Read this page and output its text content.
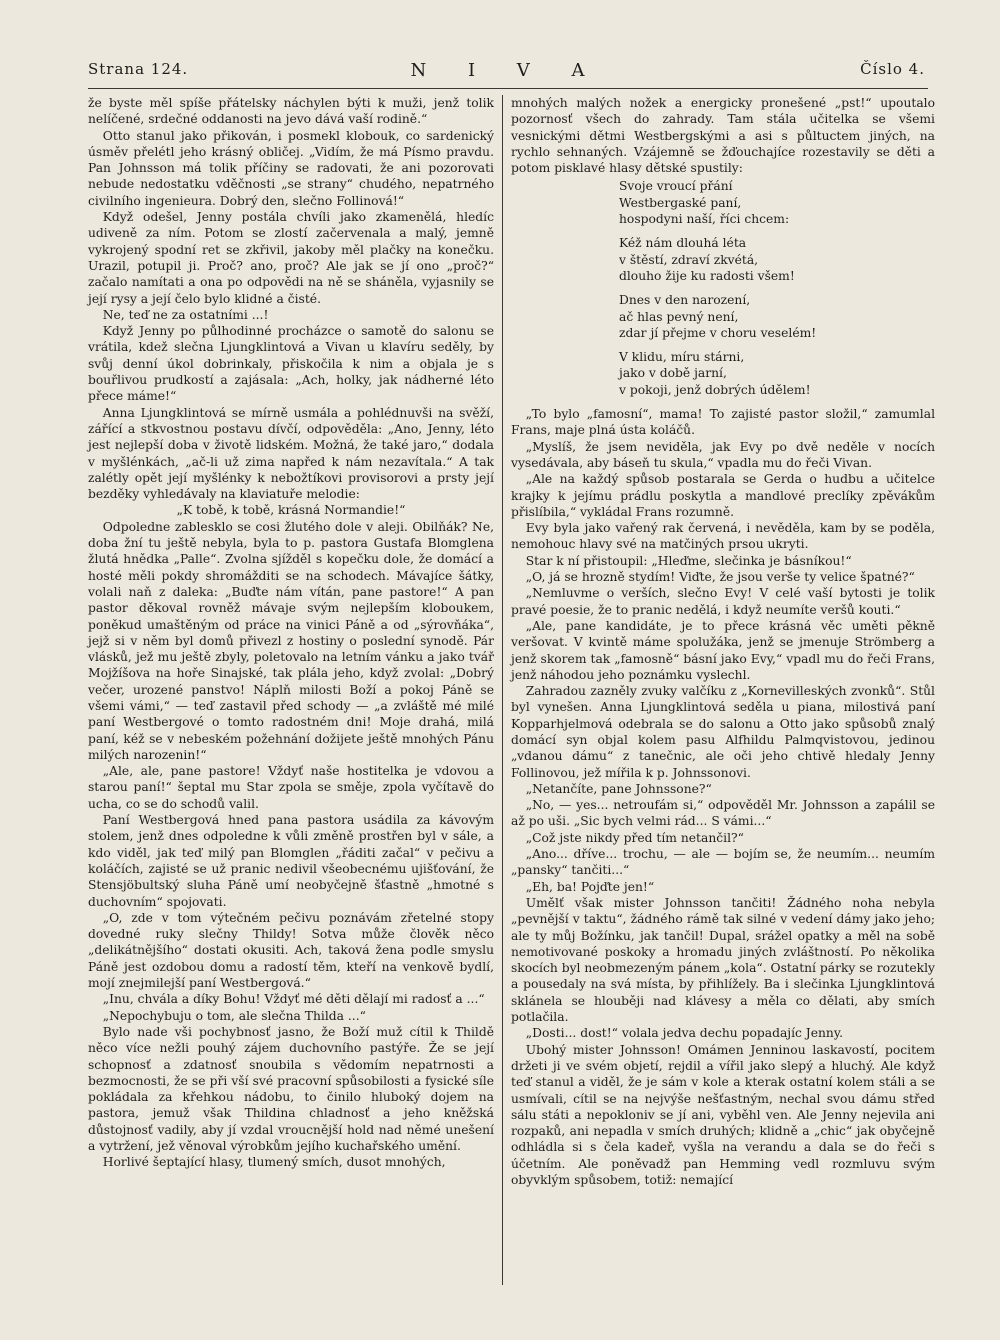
Strana 124.	N I V A	Číslo 4.

že byste měl spíše přátelsky náchylen býti k muži, jenž tolik nelíčené, srdečné oddanosti na jevo dává vaší rodině.“

Otto stanul jako přikován, i posmekl klobouk, co sardenický úsměv přelétl jeho krásný obličej. „Vidím, že má Písmo pravdu. Pan Johnsson má tolik příčiny se radovati, že ani pozorovati nebude nedostatku vděčnosti „se strany“ chudého, nepatrného civilního ingenieura. Dobrý den, slečno Follinová!“

Když odešel, Jenny postála chvíli jako zkamenělá, hledíc udiveně za ním. Potom se zlostí začervenala a malý, jemně vykrojený spodní ret se zkřivil, jakoby měl plačky na konečku. Urazil, potupil ji. Proč? ano, proč? Ale jak se jí ono „proč?“ začalo namítati a ona po odpovědi na ně se sháněla, vyjasnily se její rysy a její čelo bylo klidné a čisté.

Ne, teď ne za ostatními ...!

Když Jenny po půlhodinné procházce o samotě do salonu se vrátila, kdež slečna Ljungklintová a Vivan u klavíru seděly, by svůj denní úkol dobrinkaly, přiskočila k nim a objala je s bouřlivou prudkostí a zajásala: „Ach, holky, jak nádherné léto přece máme!“

Anna Ljungklintová se mírně usmála a pohlédnuvši na svěží, zářící a stkvostnou postavu dívčí, odpověděla: „Ano, Jenny, léto jest nejlepší doba v životě lidském. Možná, že také jaro,“ dodala v myšlénkách, „ač-li už zima napřed k nám nezavítala.“ A tak zalétly opět její myšlénky k nebožtíkovi provisorovi a prsty její bezděky vyhledávaly na klaviatuře melodie:

„K tobě, k tobě, krásná Normandie!“

Odpoledne zablesklo se cosi žlutého dole v aleji. Obilňák? Ne, doba žní tu ještě nebyla, byla to p. pastora Gustafa Blomglena žlutá hnědka „Palle“. Zvolna sjížděl s kopečku dole, že domácí a hosté měli pokdy shromážditi se na schodech. Mávajíce šátky, volali naň z daleka: „Buďte nám vítán, pane pastore!“ A pan pastor děkoval rovněž mávaje svým nejlepším kloboukem, poněkud umaštěným od práce na vinici Páně a od „sýrovňáka“, jejž si v něm byl domů přivezl z hostiny o poslední synodě. Pár vlásků, jež mu ještě zbyly, poletovalo na letním vánku a jako tvář Mojžíšova na hoře Sinajské, tak plála jeho, když zvolal: „Dobrý večer, urozené panstvo! Náplň milosti Boží a pokoj Páně se všemi vámi,“ — teď zastavil před schody — „a zvláště mé milé paní Westbergové o tomto radostném dni! Moje drahá, milá paní, kéž se v nebeském požehnání dožijete ještě mnohých Pánu milých narozenin!“

„Ale, ale, pane pastore! Vždyť naše hostitelka je vdovou a starou paní!“ šeptal mu Star zpola se směje, zpola vyčítavě do ucha, co se do schodů valil.

Paní Westbergová hned pana pastora usádila za kávovým stolem, jenž dnes odpoledne k vůli změně prostřen byl v sále, a kdo viděl, jak teď milý pan Blomglen „řáditi začal“ v pečivu a koláčích, zajisté se už pranic nedivil všeobecnému ujišťování, že Stensjöbultský sluha Páně umí neobyčejně šťastně „hmotné s duchovním“ spojovati.

„O, zde v tom výtečném pečivu poznávám zřetelné stopy dovedné ruky slečny Thildy! Sotva může člověk něco „delikátnějšího“ dostati okusiti. Ach, taková žena podle smyslu Páně jest ozdobou domu a radostí těm, kteří na venkově bydlí, mojí znejmilejší paní Westbergová.“

„Inu, chvála a díky Bohu! Vždyť mé děti dělají mi radosť a ...“

„Nepochybuju o tom, ale slečna Thilda ...“

Bylo nade vši pochybnosť jasno, že Boží muž cítil k Thildě něco více nežli pouhý zájem duchovního pastýře. Že se její schopnosť a zdatnosť snoubila s vědomím nepatrnosti a bezmocnosti, že se při vší své pracovní spůsobilosti a fysické síle pokládala za křehkou nádobu, to činilo hluboký dojem na pastora, jemuž však Thildina chladnosť a jeho kněžská důstojnosť vadily, aby jí vzdal vroucnější hold nad němé unešení a vytržení, jež věnoval výrobkům jejího kuchařského umění.

Horlivé šeptající hlasy, tlumený smích, dusot mnohých,

mnohých malých nožek a energicky pronešené „pst!“ upoutalo pozornosť všech do zahrady. Tam stála učitelka se všemi vesnickými dětmi Westbergskými a asi s půltuctem jiných, na rychlo sehnaných. Vzájemně se žďouchajíce rozestavily se děti a potom pisklavé hlasy dětské spustily:

Svoje vroucí přání
Westbergaské paní,
hospodyni naší, říci chcem:
Kéž nám dlouhá léta
v štěstí, zdraví zkvétá,
dlouho žije ku radosti všem!
Dnes v den narození,
ač hlas pevný není,
zdar jí přejme v choru veselém!
V klidu, míru stárni,
jako v době jarní,
v pokoji, jenž dobrých údělem!

„To bylo „famosní“, mama! To zajisté pastor složil,“ zamumlal Frans, maje plná ústa koláčů.

„Myslíš, že jsem neviděla, jak Evy po dvě neděle v nocích vysedávala, aby báseň tu skula,“ vpadla mu do řeči Vivan.

„Ale na každý spůsob postarala se Gerda o hudbu a učitelce krajky k jejímu prádlu poskytla a mandlové preclíky zpěvákům přislíbila,“ vykládal Frans rozumně.

Evy byla jako vařený rak červená, i nevěděla, kam by se poděla, nemohouc hlavy své na matčiných prsou ukryti.

Star k ní přistoupil: „Hleďme, slečinka je básníkou!“

„O, já se hrozně stydím! Viďte, že jsou verše ty velice špatné?“

„Nemluvme o verších, slečno Evy! V celé vaší bytosti je tolik pravé poesie, že to pranic nedělá, i když neumíte veršů kouti.“

„Ale, pane kandidáte, je to přece krásná věc uměti pěkně veršovat. V kvintě máme spolužáka, jenž se jmenuje Strömberg a jenž skorem tak „famosně“ básní jako Evy,“ vpadl mu do řeči Frans, jenž náhodou jeho poznámku vyslechl.

Zahradou zazněly zvuky valčíku z „Kornevilleských zvonků“. Stůl byl vynešen. Anna Ljungklintová seděla u piana, milostivá paní Kopparhjelmová odebrala se do salonu a Otto jako spůsobů znalý domácí syn objal kolem pasu Alfhildu Palmqvistovou, jedinou „vdanou dámu“ z tanečnic, ale oči jeho chtivě hledaly Jenny Follinovou, jež mířila k p. Johnssonovi.

„Netančíte, pane Johnssone?“

„No, — yes... netroufám si,“ odpověděl Mr. Johnsson a zapálil se až po uši. „Sic bych velmi rád... S vámi...“

„Což jste nikdy před tím netančil?“

„Ano... dříve... trochu, — ale — bojím se, že neumím... neumím „pansky“ tančiti...“

„Eh, ba! Pojďte jen!“

Umělť však mister Johnsson tančiti! Žádného noha nebyla „pevnější v taktu“, žádného rámě tak silné v vedení dámy jako jeho; ale ty můj Božínku, jak tančil! Dupal, srážel opatky a měl na sobě nemotivované poskoky a hromadu jiných zvláštností. Po několika skocích byl neobmezeným pánem „kola“. Ostatní párky se rozutekly a pousedaly na svá místa, by přihlížely. Ba i slečinka Ljungklintová sklánela se hlouběji nad klávesy a měla co dělati, aby smích potlačila.

„Dosti... dost!“ volala jedva dechu popadajíc Jenny.

Ubohý mister Johnsson! Omámen Jenninou laskavostí, pocitem držeti ji ve svém objetí, rejdil a vířil jako slepý a hluchý. Ale když teď stanul a viděl, že je sám v kole a kterak ostatní kolem stáli a se usmívali, cítil se na nejvýše nešťastným, nechal svou dámu střed sálu státi a nepokloniv se jí ani, vyběhl ven. Ale Jenny nejevila ani rozpaků, ani nepadla v smích druhých; klidně a „chic“ jak obyčejně odhládla si s čela kadeř, vyšla na verandu a dala se do řeči s účetním. Ale poněvadž pan Hemming vedl rozmluvu svým obyvklým spůsobem, totiž: nemající
